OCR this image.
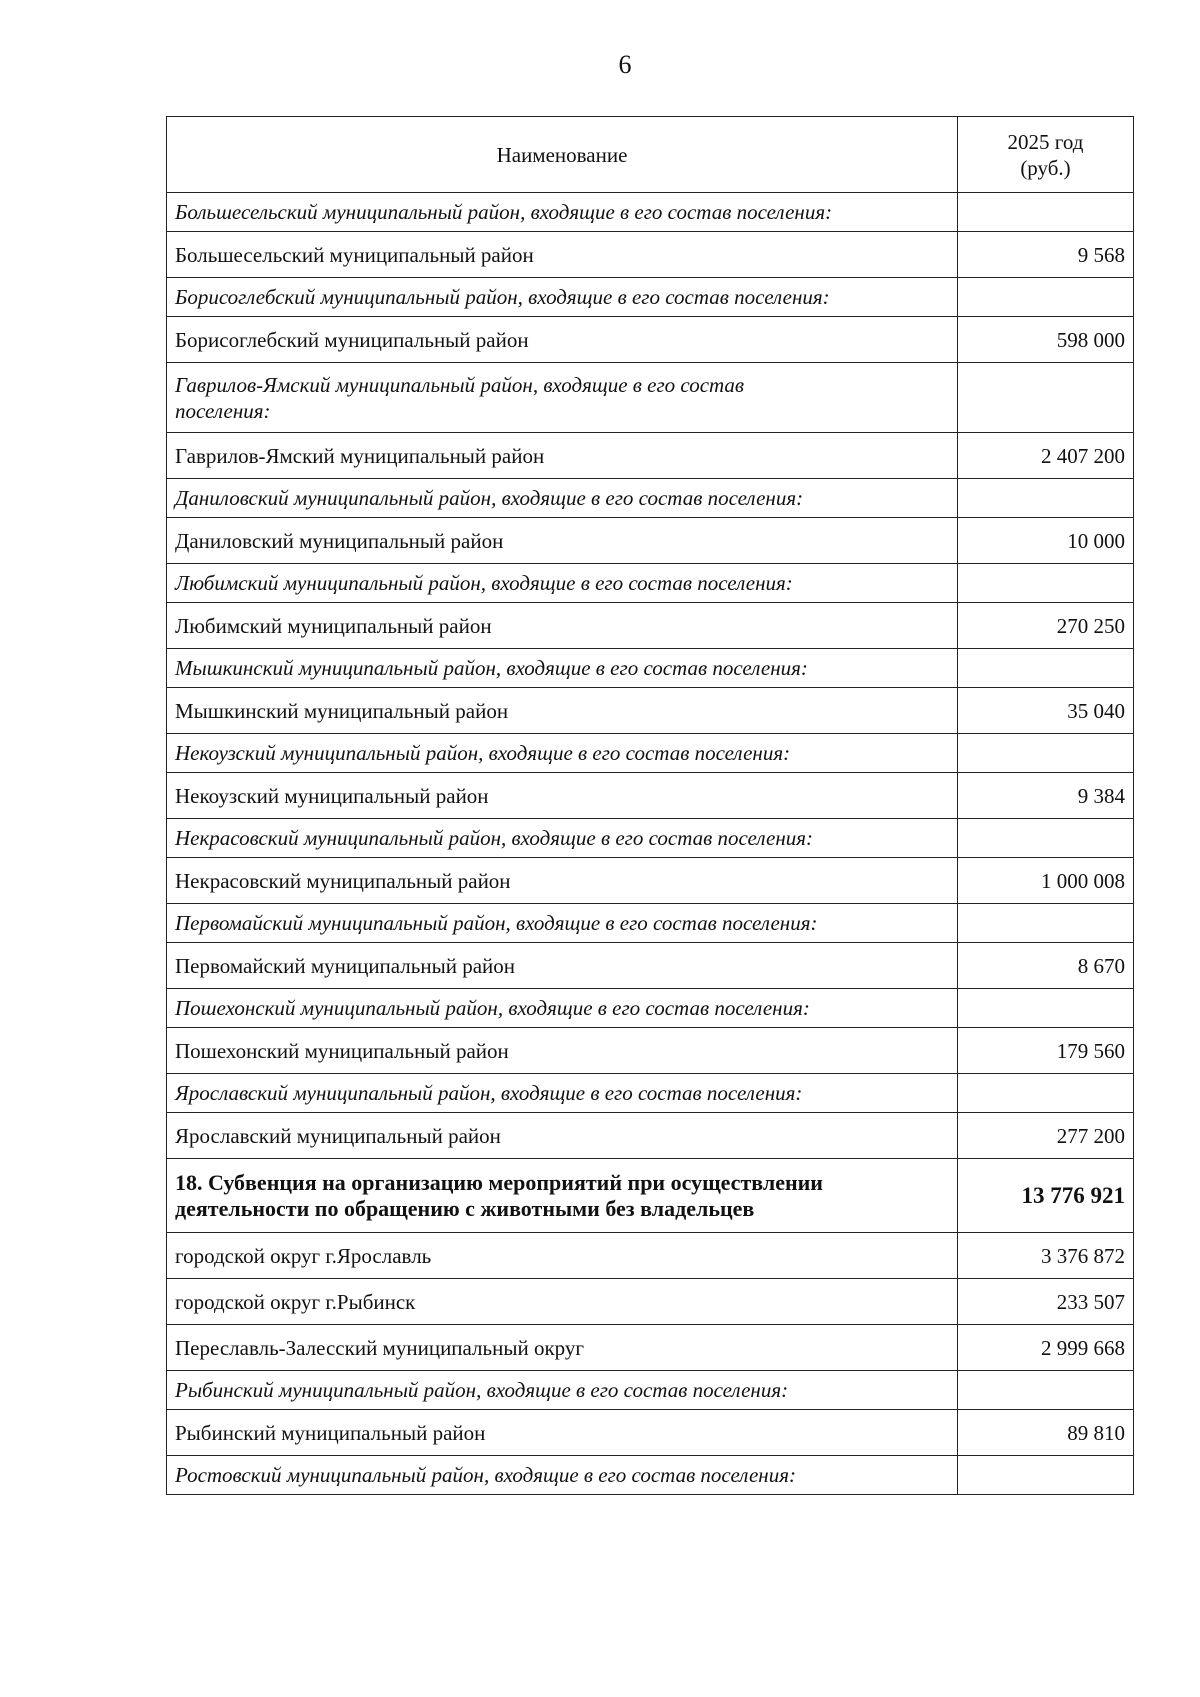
6
Наименование	2025 год
(руб.)
Большесельский муниципальный район, входящие в его состав поселения:	
Большесельский муниципальный район	9 568
Борисоглебский муниципальный район, входящие в его состав поселения:	
Борисоглебский муниципальный район	598 000
Гаврилов-Ямский муниципальный район, входящие в его состав поселения:	
Гаврилов-Ямский муниципальный район	2 407 200
Даниловский муниципальный район, входящие в его состав поселения:	
Даниловский муниципальный район	10 000
Любимский муниципальный район, входящие в его состав поселения:	
Любимский муниципальный район	270 250
Мышкинский муниципальный район, входящие в его состав поселения:	
Мышкинский муниципальный район	35 040
Некоузский муниципальный район, входящие в его состав поселения:	
Некоузский муниципальный район	9 384
Некрасовский муниципальный район, входящие в его состав поселения:	
Некрасовский муниципальный район	1 000 008
Первомайский муниципальный район, входящие в его состав поселения:	
Первомайский муниципальный район	8 670
Пошехонский муниципальный район, входящие в его состав поселения:	
Пошехонский муниципальный район	179 560
Ярославский муниципальный район, входящие в его состав поселения:	
Ярославский муниципальный район	277 200
18. Субвенция на организацию мероприятий при осуществлении деятельности по обращению с животными без владельцев	13 776 921
городской округ г.Ярославль	3 376 872
городской округ г.Рыбинск	233 507
Переславль-Залесский муниципальный округ	2 999 668
Рыбинский муниципальный район, входящие в его состав поселения:	
Рыбинский муниципальный район	89 810
Ростовский муниципальный район, входящие в его состав поселения:	
